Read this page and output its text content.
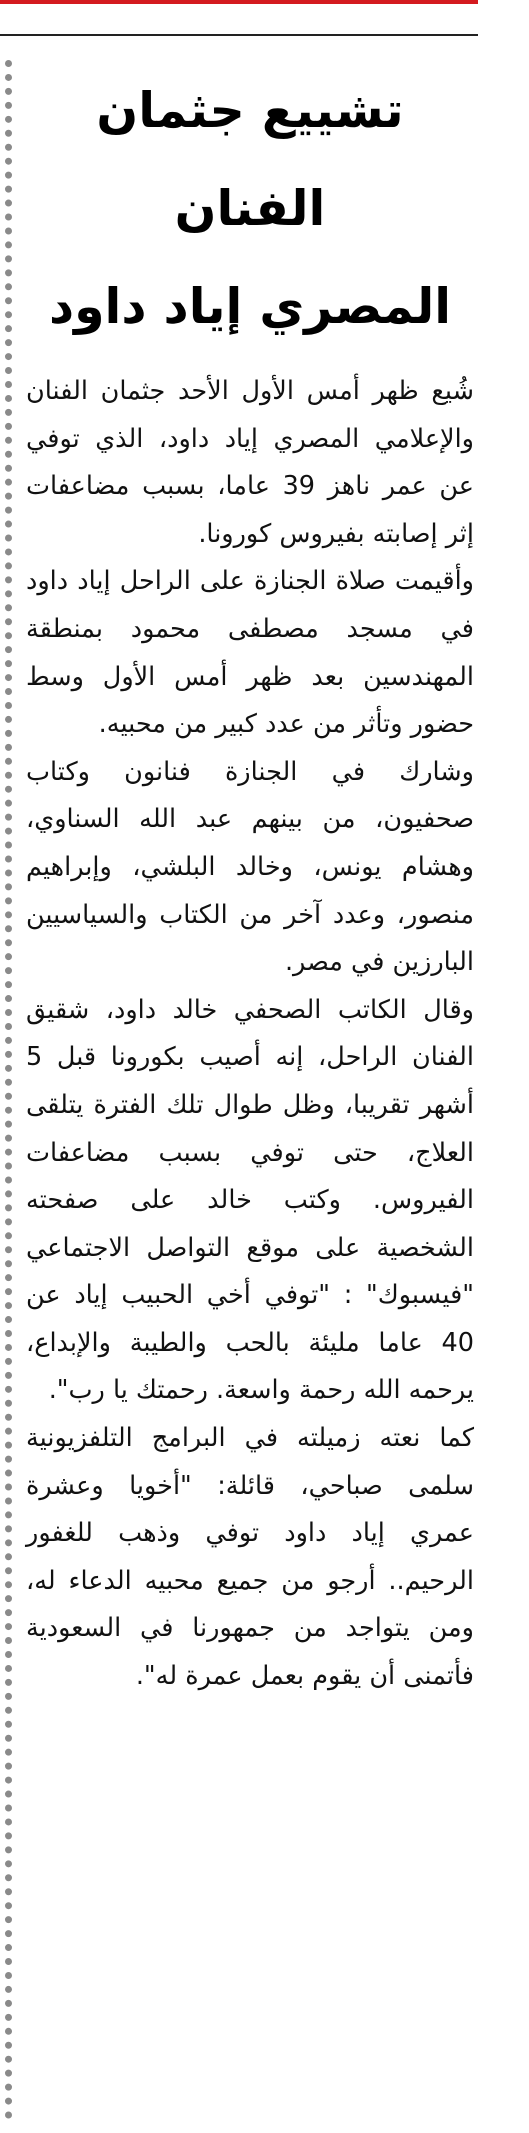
تشييع جثمان الفنان
المصري إياد داود

شُيع ظهر أمس الأول الأحد جثمان الفنان والإعلامي المصري إياد داود، الذي توفي عن عمر ناهز 39 عاما، بسبب مضاعفات إثر إصابته بفيروس كورونا.

وأقيمت صلاة الجنازة على الراحل إياد داود في مسجد مصطفى محمود بمنطقة المهندسين بعد ظهر أمس الأول وسط حضور وتأثر من عدد كبير من محبيه.

وشارك في الجنازة فنانون وكتاب صحفيون، من بينهم عبد الله السناوي، وهشام يونس، وخالد البلشي، وإبراهيم منصور، وعدد آخر من الكتاب والسياسيين البارزين في مصر.

وقال الكاتب الصحفي خالد داود، شقيق الفنان الراحل، إنه أصيب بكورونا قبل 5 أشهر تقريبا، وظل طوال تلك الفترة يتلقى العلاج، حتى توفي بسبب مضاعفات الفيروس. وكتب خالد على صفحته الشخصية على موقع التواصل الاجتماعي "فيسبوك" : "توفي أخي الحبيب إياد عن 40 عاما مليئة بالحب والطيبة والإبداع، يرحمه الله رحمة واسعة. رحمتك يا رب".

كما نعته زميلته في البرامج التلفزيونية سلمى صباحي، قائلة: "أخويا وعشرة عمري إياد داود توفي وذهب للغفور الرحيم.. أرجو من جميع محبيه الدعاء له، ومن يتواجد من جمهورنا في السعودية فأتمنى أن يقوم بعمل عمرة له".
